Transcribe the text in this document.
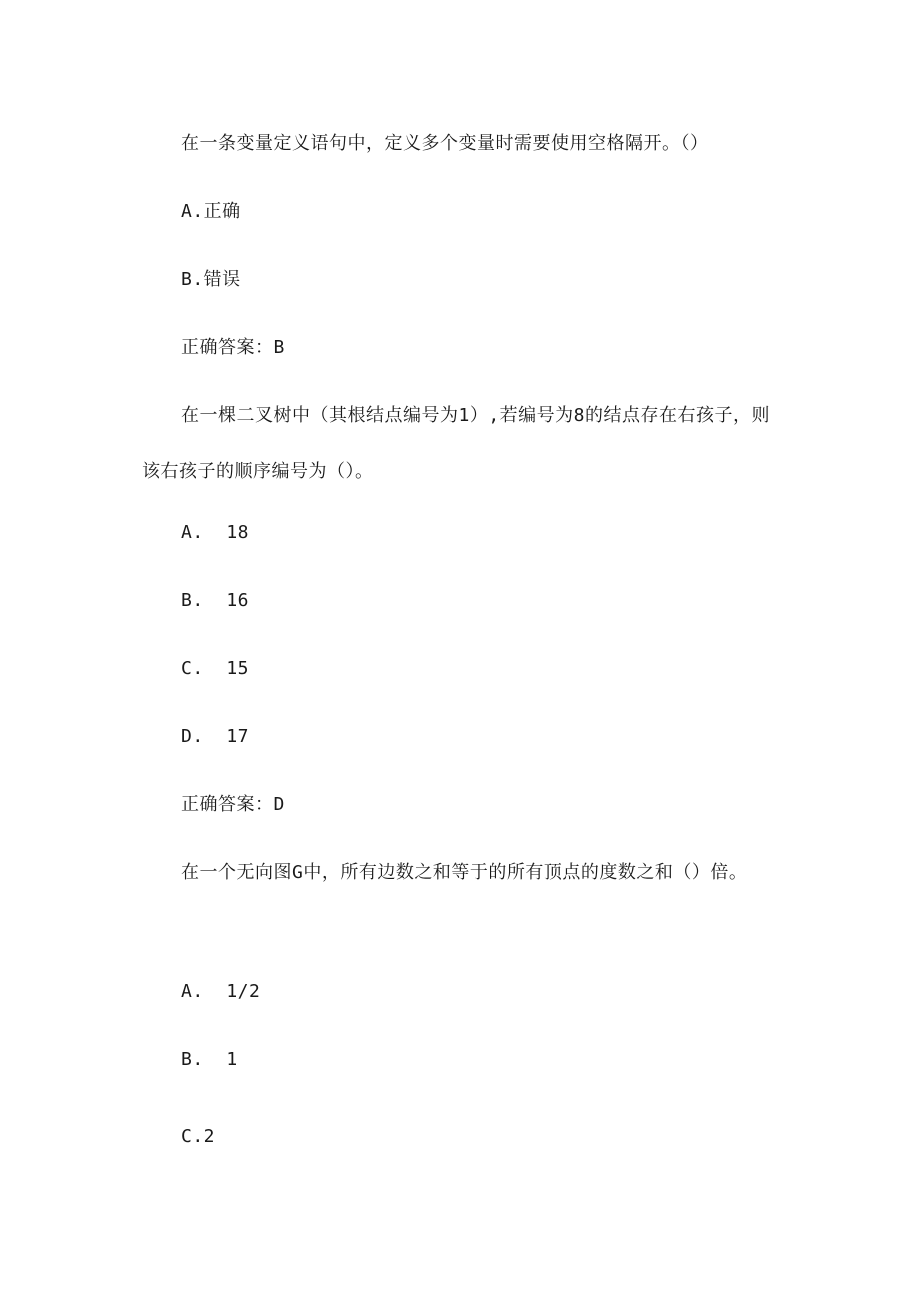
在一条变量定义语句中，定义多个变量时需要使用空格隔开。（）
A.正确
B.错误
正确答案：B

在一棵二叉树中（其根结点编号为1）,若编号为8的结点存在右孩子，则该右孩子的顺序编号为（）。

A.  18
B.  16
C.  15
D.  17
正确答案：D

在一个无向图G中，所有边数之和等于的所有顶点的度数之和（）倍。

A.  1/2
B.  1
C.2
